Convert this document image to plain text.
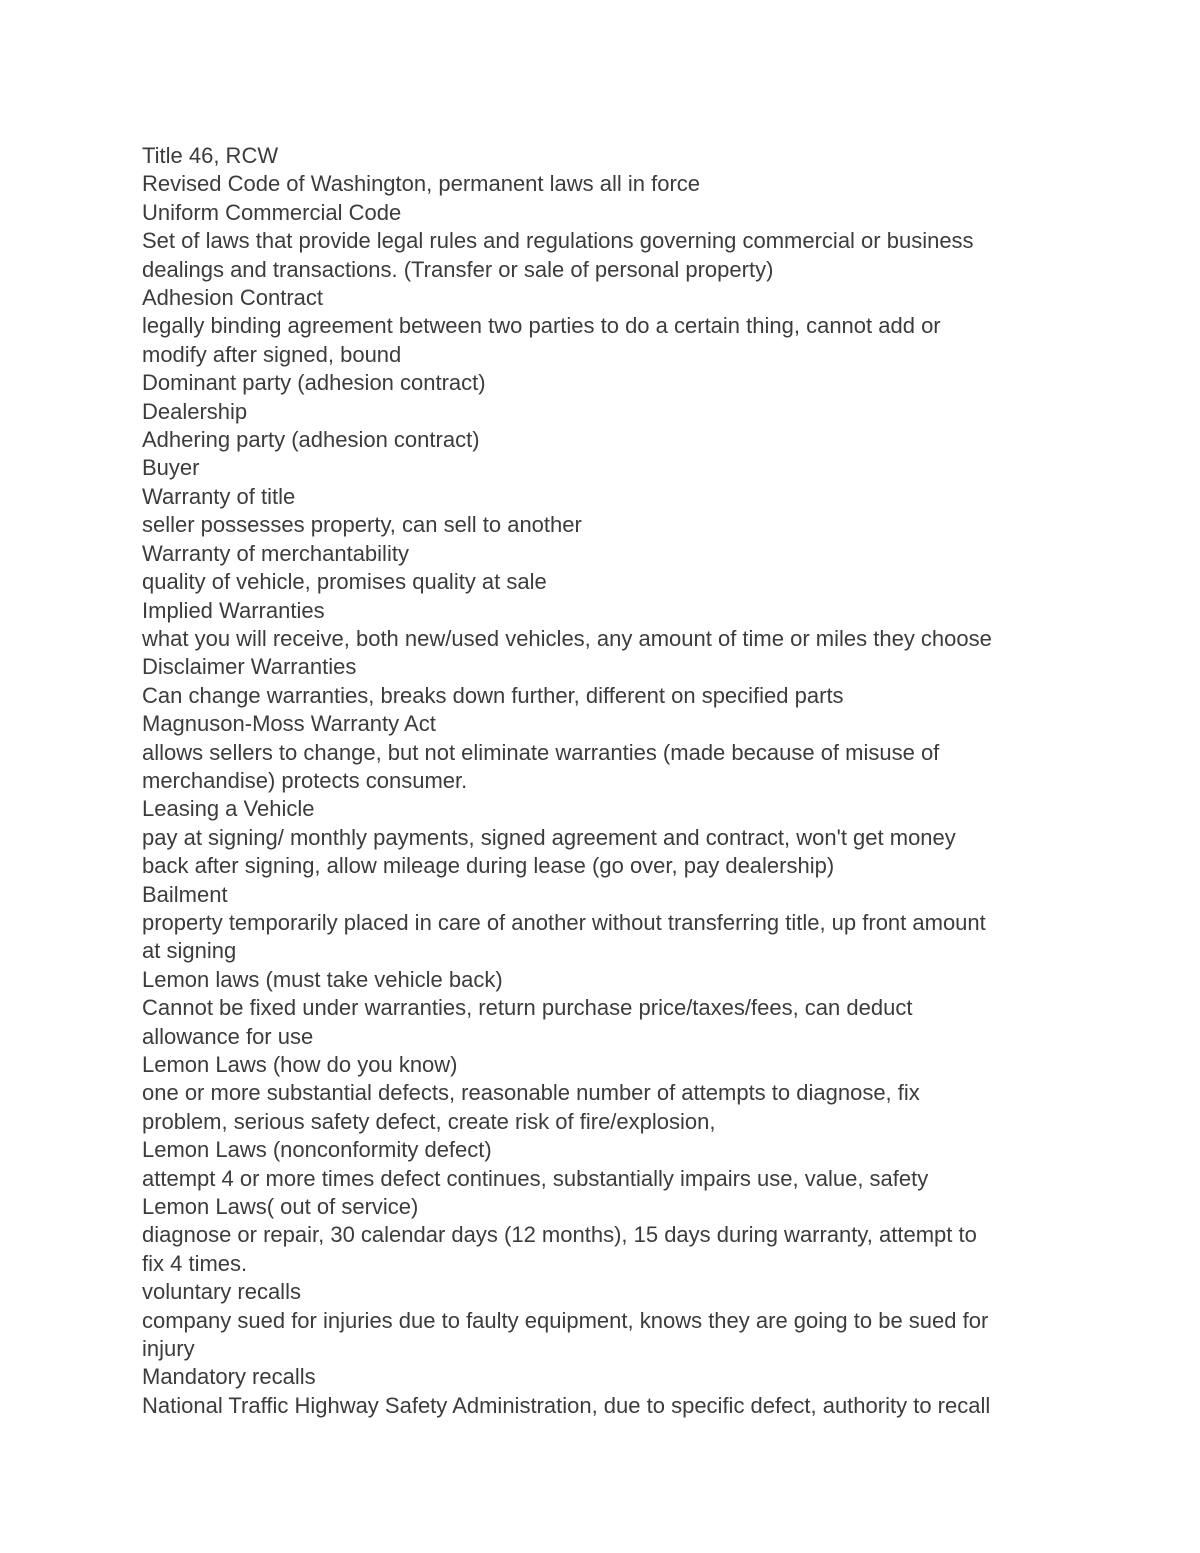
Title 46, RCW

Revised Code of Washington, permanent laws all in force

Uniform Commercial Code

Set of laws that provide legal rules and regulations governing commercial or business

dealings and transactions. (Transfer or sale of personal property)

Adhesion Contract

legally binding agreement between two parties to do a certain thing, cannot add or

modify after signed, bound

Dominant party (adhesion contract)

Dealership

Adhering party (adhesion contract)

Buyer

Warranty of title

seller possesses property, can sell to another

Warranty of merchantability

quality of vehicle, promises quality at sale

Implied Warranties

what you will receive, both new/used vehicles, any amount of time or miles they choose

Disclaimer Warranties

Can change warranties, breaks down further, different on specified parts

Magnuson-Moss Warranty Act

allows sellers to change, but not eliminate warranties (made because of misuse of

merchandise) protects consumer.

Leasing a Vehicle

pay at signing/ monthly payments, signed agreement and contract, won't get money

back after signing, allow mileage during lease (go over, pay dealership)

Bailment

property temporarily placed in care of another without transferring title, up front amount

at signing

Lemon laws (must take vehicle back)

Cannot be fixed under warranties, return purchase price/taxes/fees, can deduct

allowance for use

Lemon Laws (how do you know)

one or more substantial defects, reasonable number of attempts to diagnose, fix

problem, serious safety defect, create risk of fire/explosion,

Lemon Laws (nonconformity defect)

attempt 4 or more times defect continues, substantially impairs use, value, safety

Lemon Laws( out of service)

diagnose or repair, 30 calendar days (12 months), 15 days during warranty, attempt to

fix 4 times.

voluntary recalls

company sued for injuries due to faulty equipment, knows they are going to be sued for

injury

Mandatory recalls

National Traffic Highway Safety Administration, due to specific defect, authority to recall
